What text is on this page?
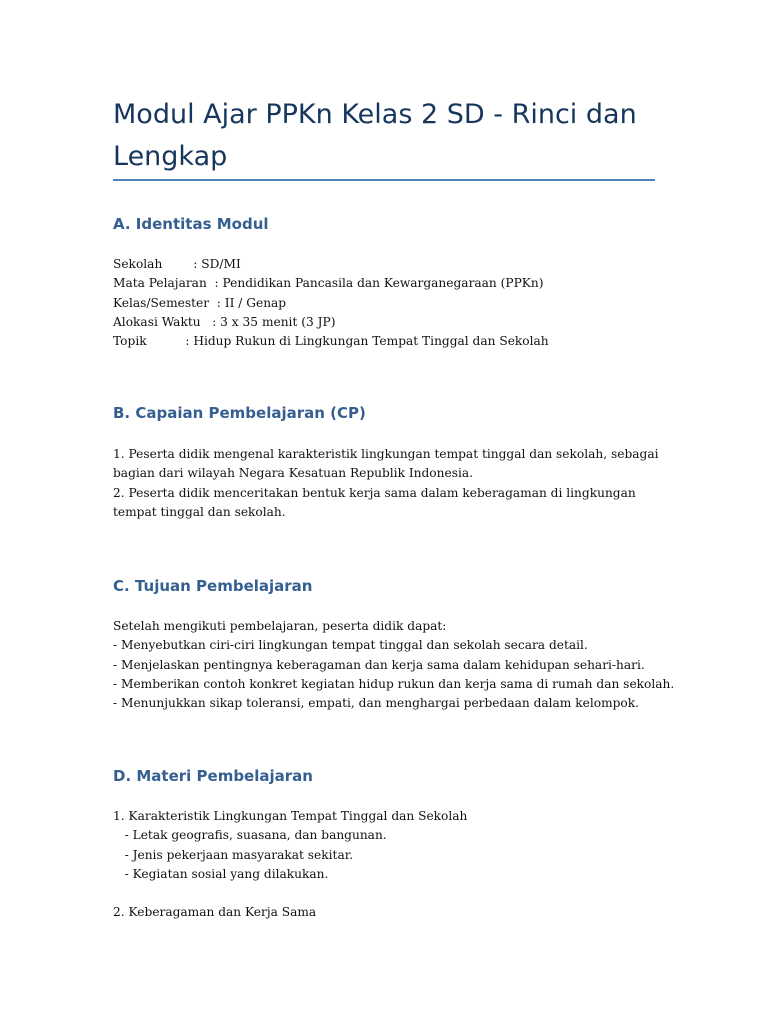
Modul Ajar PPKn Kelas 2 SD - Rinci dan Lengkap
A. Identitas Modul
Sekolah        : SD/MI
Mata Pelajaran  : Pendidikan Pancasila dan Kewarganegaraan (PPKn)
Kelas/Semester  : II / Genap
Alokasi Waktu   : 3 x 35 menit (3 JP)
Topik          : Hidup Rukun di Lingkungan Tempat Tinggal dan Sekolah
B. Capaian Pembelajaran (CP)
1. Peserta didik mengenal karakteristik lingkungan tempat tinggal dan sekolah, sebagai bagian dari wilayah Negara Kesatuan Republik Indonesia.
2. Peserta didik menceritakan bentuk kerja sama dalam keberagaman di lingkungan tempat tinggal dan sekolah.
C. Tujuan Pembelajaran
Setelah mengikuti pembelajaran, peserta didik dapat:
- Menyebutkan ciri-ciri lingkungan tempat tinggal dan sekolah secara detail.
- Menjelaskan pentingnya keberagaman dan kerja sama dalam kehidupan sehari-hari.
- Memberikan contoh konkret kegiatan hidup rukun dan kerja sama di rumah dan sekolah.
- Menunjukkan sikap toleransi, empati, dan menghargai perbedaan dalam kelompok.
D. Materi Pembelajaran
1. Karakteristik Lingkungan Tempat Tinggal dan Sekolah
- Letak geografis, suasana, dan bangunan.
- Jenis pekerjaan masyarakat sekitar.
- Kegiatan sosial yang dilakukan.
2. Keberagaman dan Kerja Sama
